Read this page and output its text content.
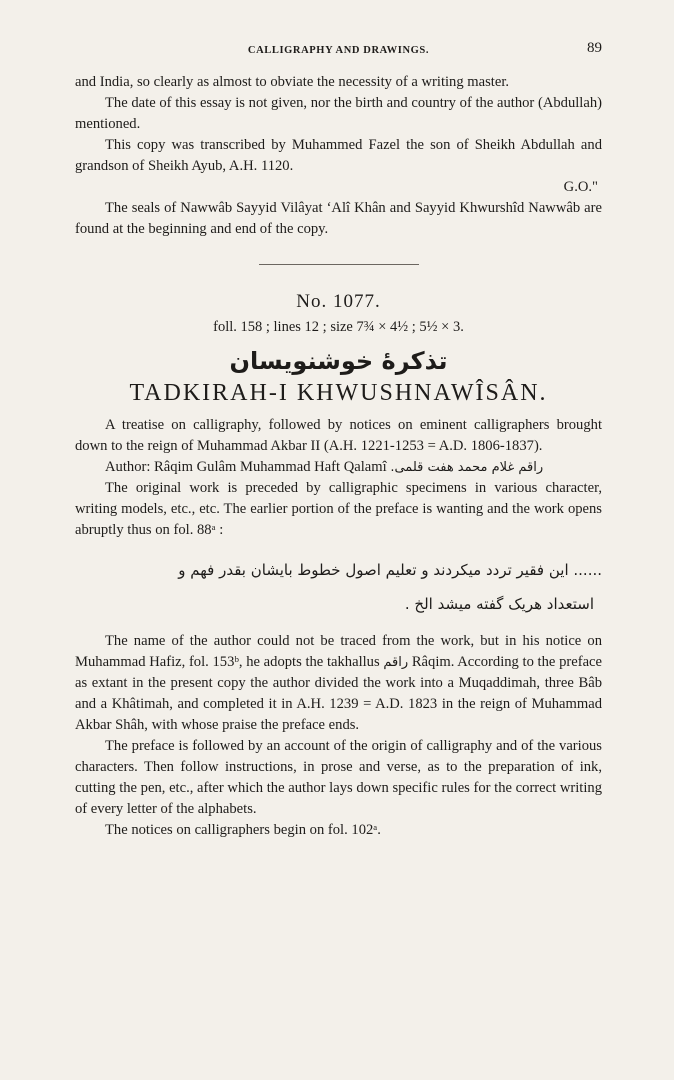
CALLIGRAPHY AND DRAWINGS.	89

and India, so clearly as almost to obviate the necessity of a writing master.

The date of this essay is not given, nor the birth and country of the author (Abdullah) mentioned.

This copy was transcribed by Muhammed Fazel the son of Sheikh Abdullah and grandson of Sheikh Ayub, A.H. 1120.

G.O."

The seals of Nawwâb Sayyid Vilâyat ‘Alî Khân and Sayyid Khwurshîd Nawwâb are found at the beginning and end of the copy.

No. 1077.
foll. 158 ; lines 12 ; size 7¾ × 4½ ; 5½ × 3.
تذکرهٔ خوشنویسان
TADKIRAH-I KHWUSHNAWÎSÂN.

A treatise on calligraphy, followed by notices on eminent calligraphers brought down to the reign of Muhammad Akbar II (A.H. 1221-1253 = A.D. 1806-1837).

Author: Râqim Gulâm Muhammad Haft Qalamî راقم غلام محمد هفت قلمی.

The original work is preceded by calligraphic specimens in various character, writing models, etc., etc. The earlier portion of the preface is wanting and the work opens abruptly thus on fol. 88ᵃ :

...... این فقیر تردد میکردند و تعلیم اصول خطوط بایشان بقدر فهم و
استعداد هریک گفته میشد الخ .

The name of the author could not be traced from the work, but in his notice on Muhammad Hafiz, fol. 153ᵇ, he adopts the takhallus راقم Râqim. According to the preface as extant in the present copy the author divided the work into a Muqaddimah, three Bâb and a Khâtimah, and completed it in A.H. 1239 = A.D. 1823 in the reign of Muhammad Akbar Shâh, with whose praise the preface ends.

The preface is followed by an account of the origin of calligraphy and of the various characters. Then follow instructions, in prose and verse, as to the preparation of ink, cutting the pen, etc., after which the author lays down specific rules for the correct writing of every letter of the alphabets.

The notices on calligraphers begin on fol. 102ᵃ.
